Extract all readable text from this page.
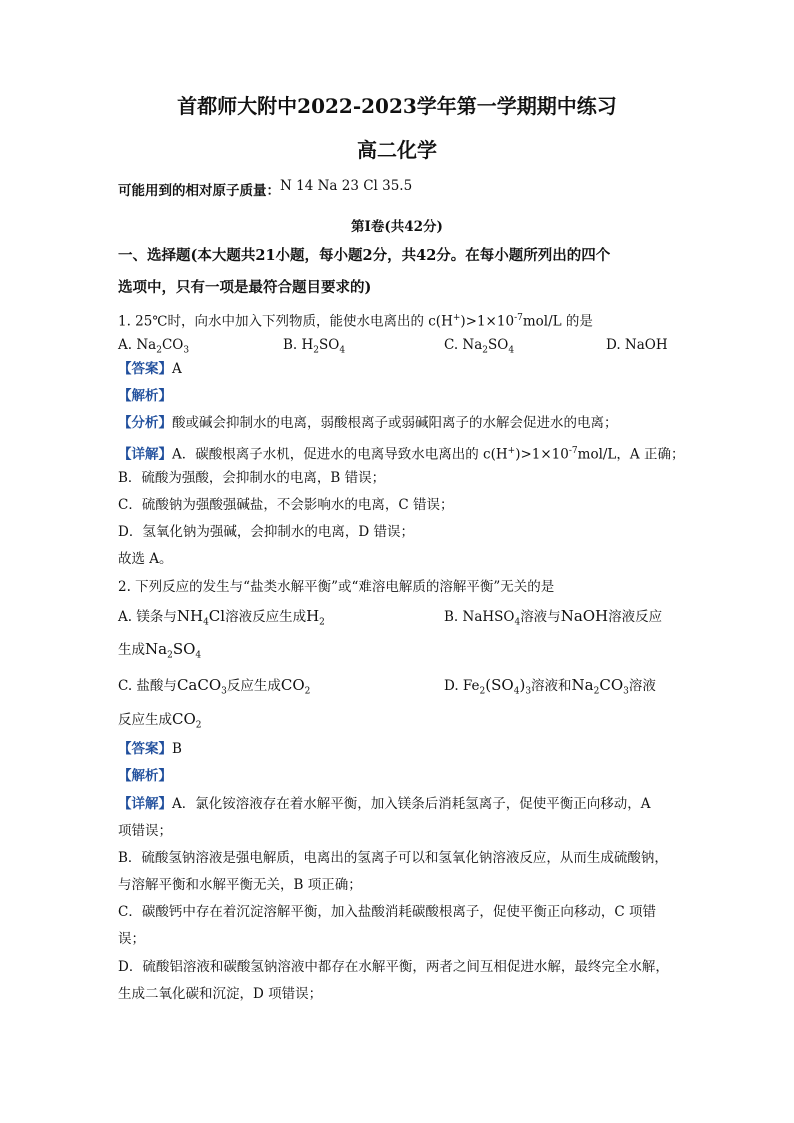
首都师大附中2022-2023学年第一学期期中练习
高二化学
可能用到的相对原子质量：N 14 Na 23 Cl 35.5
第I卷(共42分)
一、选择题(本大题共21小题，每小题2分，共42分。在每小题所列出的四个
选项中，只有一项是最符合题目要求的)
1. 25℃时，向水中加入下列物质，能使水电离出的 $c(H^+)>1\times 10^{-7}mol/L$ 的是
A. $Na_2CO_3$	B. $H_2SO_4$	C. $Na_2SO_4$	D. NaOH
【答案】A
【解析】
【分析】酸或碱会抑制水的电离，弱酸根离子或弱碱阳离子的水解会促进水的电离；
【详解】A．碳酸根离子水机，促进水的电离导致水电离出的 $c(H^+)>1\times 10^{-7}mol/L$，A 正确；
B．硫酸为强酸，会抑制水的电离，B 错误；
C．硫酸钠为强酸强碱盐，不会影响水的电离，C 错误；
D．氢氧化钠为强碱，会抑制水的电离，D 错误；
故选 A。
2. 下列反应的发生与“盐类水解平衡”或“难溶电解质的溶解平衡”无关的是
A. 镁条与$NH_4Cl$溶液反应生成$H_2$	B. NaHSO$_4$溶液与NaOH溶液反应
生成$Na_2SO_4$
C. 盐酸与CaCO$_3$反应生成$CO_2$	D. $Fe_2(SO_4)_3$溶液和$Na_2CO_3$溶液
反应生成$CO_2$
【答案】B
【解析】
【详解】A．氯化铵溶液存在着水解平衡，加入镁条后消耗氢离子，促使平衡正向移动，A
项错误；
B．硫酸氢钠溶液是强电解质，电离出的氢离子可以和氢氧化钠溶液反应，从而生成硫酸钠，
与溶解平衡和水解平衡无关，B 项正确；
C．碳酸钙中存在着沉淀溶解平衡，加入盐酸消耗碳酸根离子，促使平衡正向移动，C 项错
误；
D．硫酸铝溶液和碳酸氢钠溶液中都存在水解平衡，两者之间互相促进水解，最终完全水解，
生成二氧化碳和沉淀，D 项错误；
